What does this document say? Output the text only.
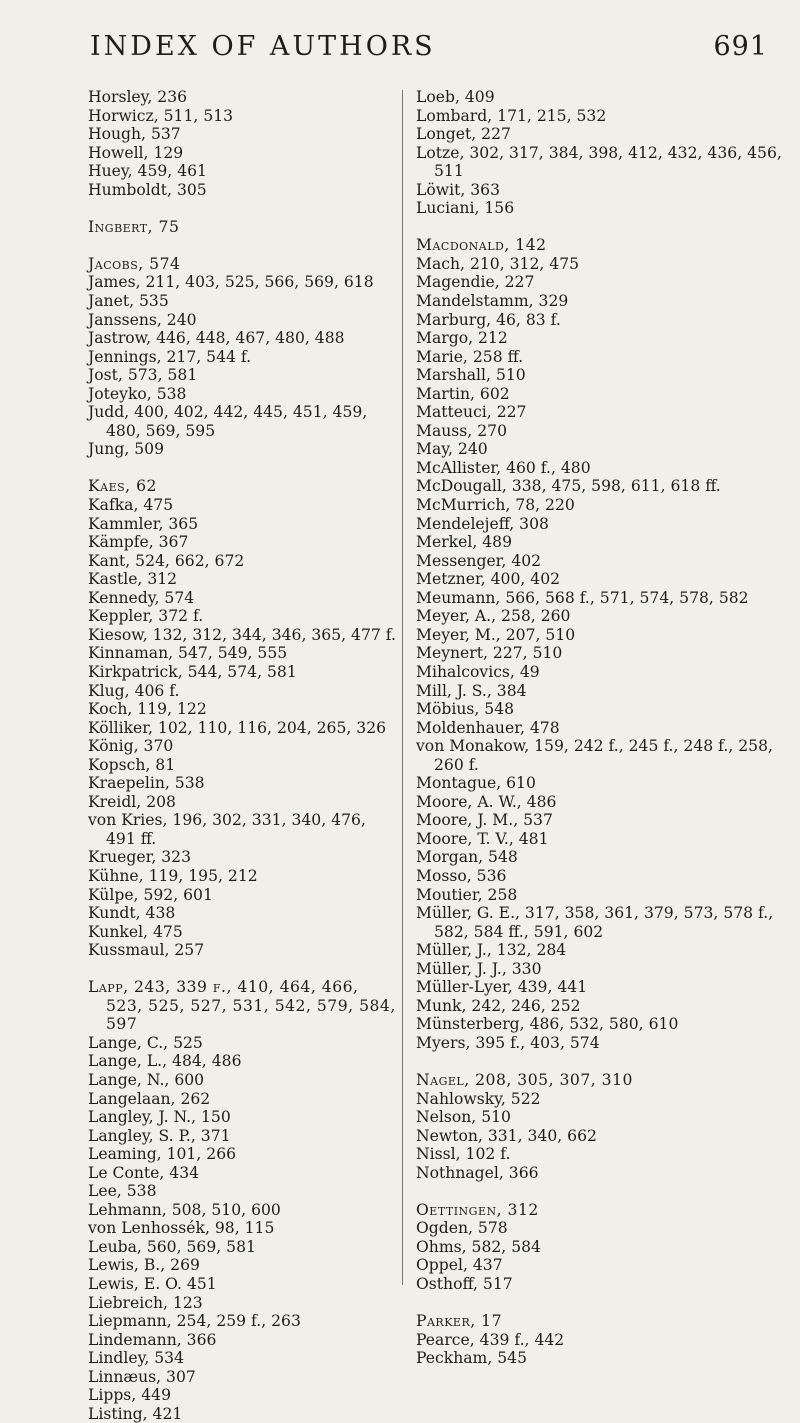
INDEX OF AUTHORS	691
Horsley, 236
Horwicz, 511, 513
Hough, 537
Howell, 129
Huey, 459, 461
Humboldt, 305
Ingbert, 75
Jacobs, 574
James, 211, 403, 525, 566, 569, 618
Janet, 535
Janssens, 240
Jastrow, 446, 448, 467, 480, 488
Jennings, 217, 544 f.
Jost, 573, 581
Joteyko, 538
Judd, 400, 402, 442, 445, 451, 459, 480, 569, 595
Jung, 509
Kaes, 62
Kafka, 475
Kammler, 365
Kämpfe, 367
Kant, 524, 662, 672
Kastle, 312
Kennedy, 574
Keppler, 372 f.
Kiesow, 132, 312, 344, 346, 365, 477 f.
Kinnaman, 547, 549, 555
Kirkpatrick, 544, 574, 581
Klug, 406 f.
Koch, 119, 122
Kölliker, 102, 110, 116, 204, 265, 326
König, 370
Kopsch, 81
Kraepelin, 538
Kreidl, 208
von Kries, 196, 302, 331, 340, 476, 491 ff.
Krueger, 323
Kühne, 119, 195, 212
Külpe, 592, 601
Kundt, 438
Kunkel, 475
Kussmaul, 257
Lapp, 243, 339 f., 410, 464, 466, 523, 525, 527, 531, 542, 579, 584, 597
Lange, C., 525
Lange, L., 484, 486
Lange, N., 600
Langelaan, 262
Langley, J. N., 150
Langley, S. P., 371
Leaming, 101, 266
Le Conte, 434
Lee, 538
Lehmann, 508, 510, 600
von Lenhossék, 98, 115
Leuba, 560, 569, 581
Lewis, B., 269
Lewis, E. O. 451
Liebreich, 123
Liepmann, 254, 259 f., 263
Lindemann, 366
Lindley, 534
Linnæus, 307
Lipps, 449
Listing, 421
Loeb, 409
Lombard, 171, 215, 532
Longet, 227
Lotze, 302, 317, 384, 398, 412, 432, 436, 456, 511
Löwit, 363
Luciani, 156
Macdonald, 142
Mach, 210, 312, 475
Magendie, 227
Mandelstamm, 329
Marburg, 46, 83 f.
Margo, 212
Marie, 258 ff.
Marshall, 510
Martin, 602
Matteuci, 227
Mauss, 270
May, 240
McAllister, 460 f., 480
McDougall, 338, 475, 598, 611, 618 ff.
McMurrich, 78, 220
Mendelejeff, 308
Merkel, 489
Messenger, 402
Metzner, 400, 402
Meumann, 566, 568 f., 571, 574, 578, 582
Meyer, A., 258, 260
Meyer, M., 207, 510
Meynert, 227, 510
Mihalcovics, 49
Mill, J. S., 384
Möbius, 548
Moldenhauer, 478
von Monakow, 159, 242 f., 245 f., 248 f., 258, 260 f.
Montague, 610
Moore, A. W., 486
Moore, J. M., 537
Moore, T. V., 481
Morgan, 548
Mosso, 536
Moutier, 258
Müller, G. E., 317, 358, 361, 379, 573, 578 f., 582, 584 ff., 591, 602
Müller, J., 132, 284
Müller, J. J., 330
Müller-Lyer, 439, 441
Munk, 242, 246, 252
Münsterberg, 486, 532, 580, 610
Myers, 395 f., 403, 574
Nagel, 208, 305, 307, 310
Nahlowsky, 522
Nelson, 510
Newton, 331, 340, 662
Nissl, 102 f.
Nothnagel, 366
Oettingen, 312
Ogden, 578
Ohms, 582, 584
Oppel, 437
Osthoff, 517
Parker, 17
Pearce, 439 f., 442
Peckham, 545
